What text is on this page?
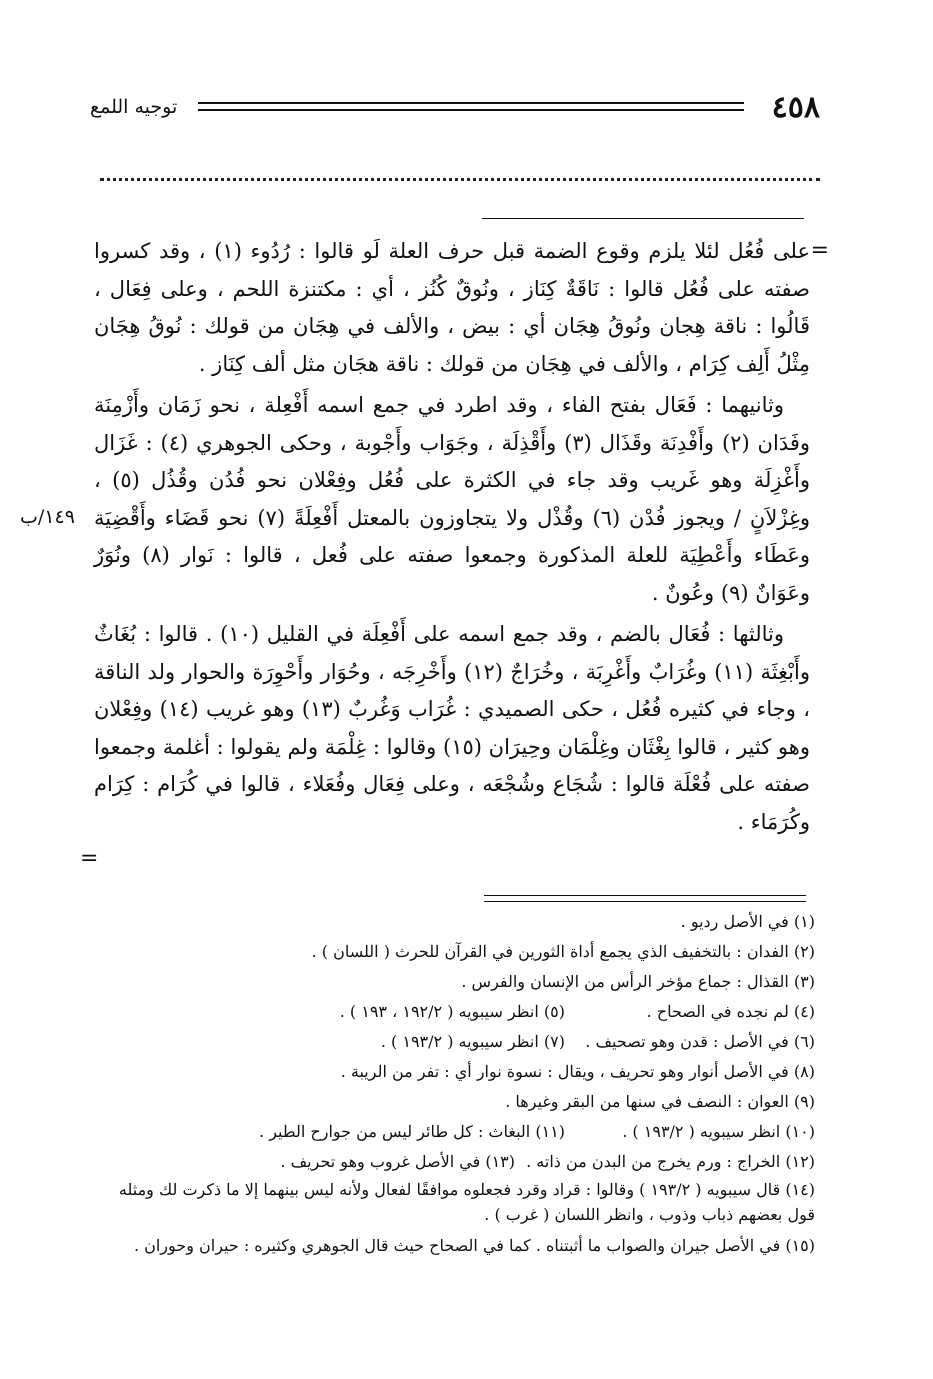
٤٥٨
توجيه اللمع
=
١٤٩/ب

على فُعُل لئلا يلزم وقوع الضمة قبل حرف العلة لَو قالوا : رُدُوء (١) ، وقد كسروا صفته على فُعُل قالوا : نَاقَةٌ كِنَاز ، ونُوقٌ كُنُز ، أي : مكتنزة اللحم ، وعلى فِعَال ، قَالُوا : ناقة هِجان ونُوقُ هِجَان أي : بيض ، والألف في هِجَان من قولك : نُوقُ هِجَان مِثْلُ أَلِف كِرَام ، والألف في هِجَان من قولك : ناقة هجَان مثل ألف كِنَاز .

وثانيهما : فَعَال بفتح الفاء ، وقد اطرد في جمع اسمه أَفْعِلة ، نحو زَمَان وأَزْمِنَة وفَدَان (٢) وأَفْدِنَة وقَذَال (٣) وأَقْذِلَة ، وجَوَاب وأَجْوبة ، وحكى الجوهري (٤) : غَزَال وأَغْزِلَة وهو غَريب وقد جاء في الكثرة على فُعُل وفِعْلان نحو فُدُن وقُذُل (٥) ، وغِزْلاَنٍ / ويجوز فُدْن (٦) وقُذْل ولا يتجاوزون بالمعتل أَفْعِلَةً (٧) نحو قَضَاء وأَقْضِيَة وعَطَاء وأَعْطِيَة للعلة المذكورة وجمعوا صفته على فُعل ، قالوا : نَوار (٨) ونُوَرٌ وعَوَانٌ (٩) وعُونٌ .

وثالثها : فُعَال بالضم ، وقد جمع اسمه على أَفْعِلَة في القليل (١٠) . قالوا : بُغَاثٌ وأَبْغِثَة (١١) وغُرَابٌ وأَغْرِبَة ، وخُرَاجٌ (١٢) وأَخْرِجَه ، وحُوَار وأَحْوِرَة والحوار ولد الناقة ، وجاء في كثيره فُعُل ، حكى الصميدي : غُرَاب وَغُربٌ (١٣) وهو غريب (١٤) وفِعْلان وهو كثير ، قالوا بِغْثَان وغِلْمَان وحِيرَان (١٥) وقالوا : غِلْمَة ولم يقولوا : أغلمة وجمعوا صفته على فُعْلَة قالوا : شُجَاع وشُجْعَه ، وعلى فِعَال وفُعَلاء ، قالوا في كُرَام : كِرَام وكُرَمَاء .

=

(١) في الأصل رديو .

(٢) الفدان : بالتخفيف الذي يجمع أداة الثورين في القرآن للحرث ( اللسان ) .

(٣) القذال : جماع مؤخر الرأس من الإنسان والفرس .

(٤) لم نجده في الصحاح .
(٥) انظر سيبويه ( ١٩٢/٢ ، ١٩٣ ) .

(٦) في الأصل : قدن وهو تصحيف .
(٧) انظر سيبويه ( ١٩٣/٢ ) .

(٨) في الأصل أنوار وهو تحريف ، ويقال : نسوة نوار أي : تفر من الريبة .

(٩) العوان : النصف في سنها من البقر وغيرها .

(١٠) انظر سيبويه ( ١٩٣/٢ ) .
(١١) البغاث : كل طائر ليس من جوارح الطير .

(١٢) الخراج : ورم يخرج من البدن من ذاته .
(١٣) في الأصل غروب وهو تحريف .

(١٤) قال سيبويه ( ١٩٣/٢ ) وقالوا : قراد وقرد فجعلوه موافقًا لفعال ولأنه ليس بينهما إلا ما ذكرت لك ومثله قول بعضهم ذباب وذوب ، وانظر اللسان ( غرب ) .

(١٥) في الأصل جيران والصواب ما أثبتناه . كما في الصحاح حيث قال الجوهري وكثيره : حيران وحوران .
